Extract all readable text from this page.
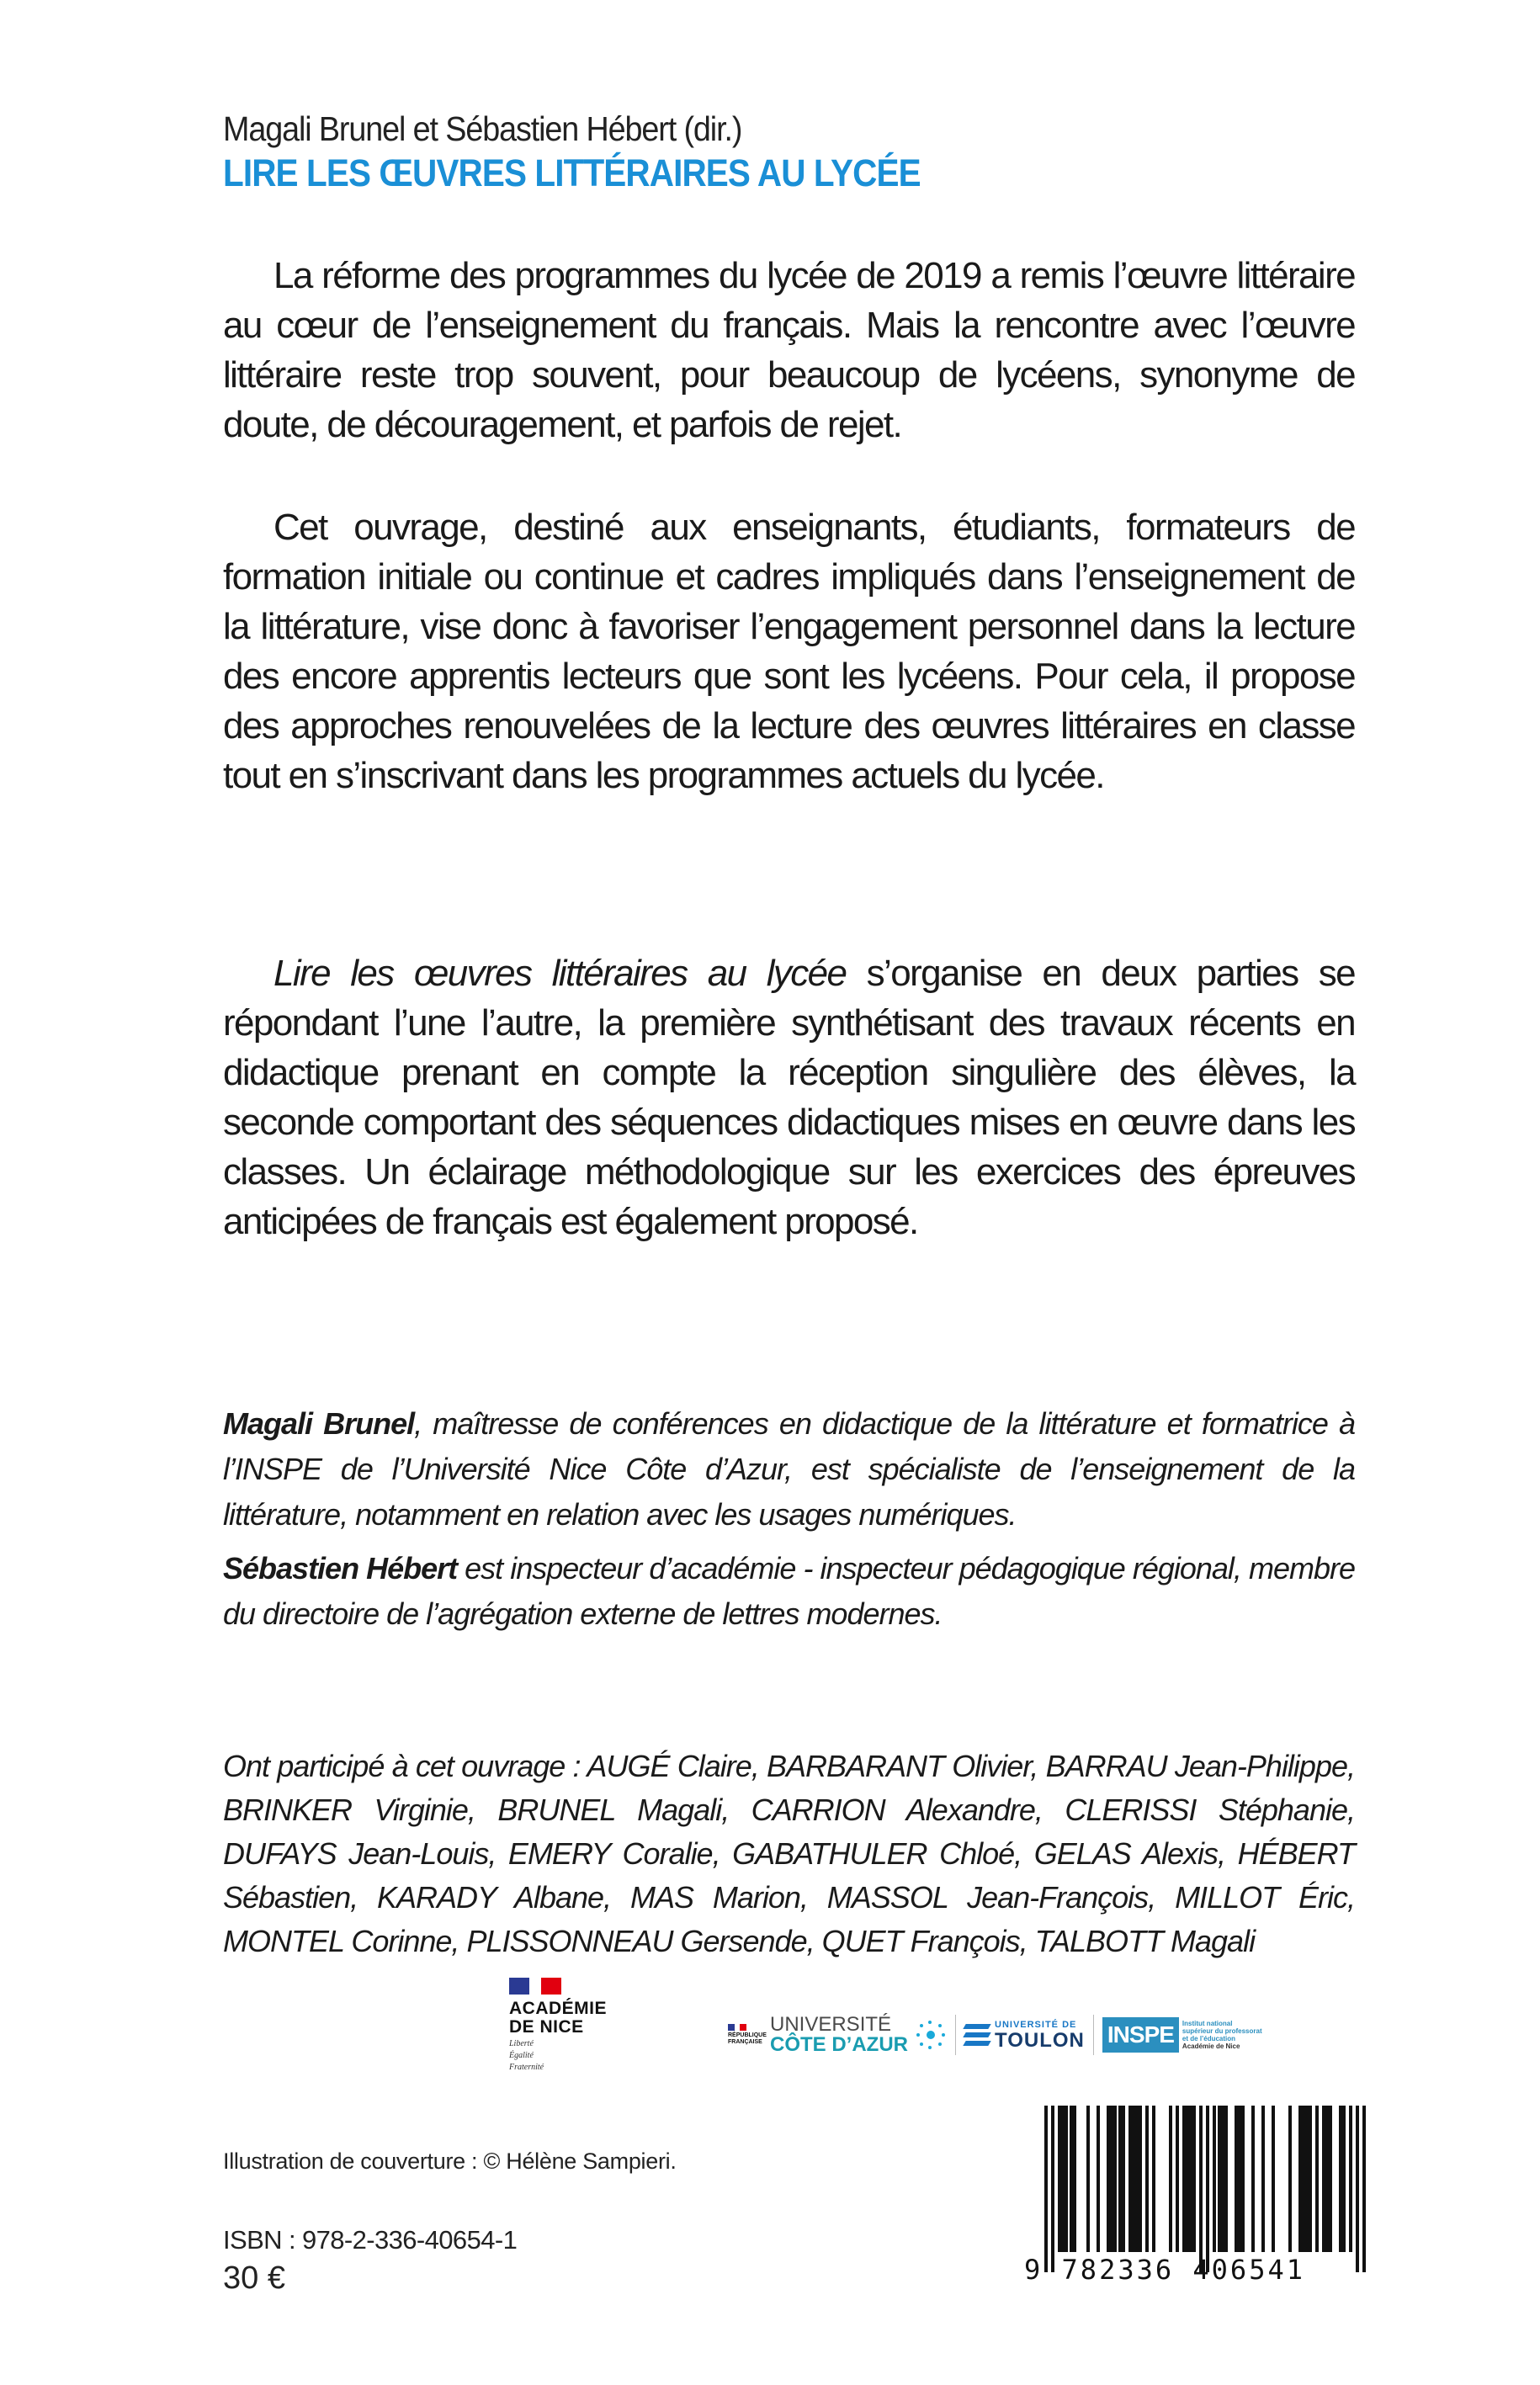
Magali Brunel et Sébastien Hébert (dir.)
LIRE LES ŒUVRES LITTÉRAIRES AU LYCÉE

La réforme des programmes du lycée de 2019 a remis l’œuvre littéraire au cœur de l’enseignement du français. Mais la rencontre avec l’œuvre littéraire reste trop souvent, pour beaucoup de lycéens, synonyme de doute, de découragement, et parfois de rejet.

Cet ouvrage, destiné aux enseignants, étudiants, formateurs de formation initiale ou continue et cadres impliqués dans l’enseignement de la littérature, vise donc à favoriser l’engagement personnel dans la lecture des encore apprentis lecteurs que sont les lycéens. Pour cela, il propose des approches renouvelées de la lecture des œuvres littéraires en classe tout en s’inscrivant dans les programmes actuels du lycée.

Lire les œuvres littéraires au lycée s’organise en deux parties se répondant l’une l’autre, la première synthétisant des travaux récents en didactique prenant en compte la réception singulière des élèves, la seconde comportant des séquences didactiques mises en œuvre dans les classes. Un éclairage méthodologique sur les exercices des épreuves anticipées de français est également proposé.

Magali Brunel, maîtresse de conférences en didactique de la littérature et formatrice à l’INSPE de l’Université Nice Côte d’Azur, est spécialiste de l’enseignement de la littérature, notamment en relation avec les usages numériques.

Sébastien Hébert est inspecteur d’académie - inspecteur pédagogique régional, membre du directoire de l’agrégation externe de lettres modernes.

Ont participé à cet ouvrage : AUGÉ Claire, BARBARANT Olivier, BARRAU Jean-Philippe, BRINKER Virginie, BRUNEL Magali, CARRION Alexandre, CLERISSI Stéphanie, DUFAYS Jean-Louis, EMERY Coralie, GABATHULER Chloé, GELAS Alexis, HÉBERT Sébastien, KARADY Albane, MAS Marion, MASSOL Jean-François, MILLOT Éric, MONTEL Corinne, PLISSONNEAU Gersende, QUET François, TALBOTT Magali

ACADÉMIE
DE NICE
Liberté
Égalité
Fraternité
RÉPUBLIQUE
FRANÇAISE
UNIVERSITÉ
CÔTE D’AZUR
UNIVERSITÉ DE
TOULON INSPE	Institut national
supérieur du professorat
et de l’éducation
Académie de Nice
Illustration de couverture : © Hélène Sampieri.
ISBN : 978-2-336-40654-1
30 €	9 782336 406541
